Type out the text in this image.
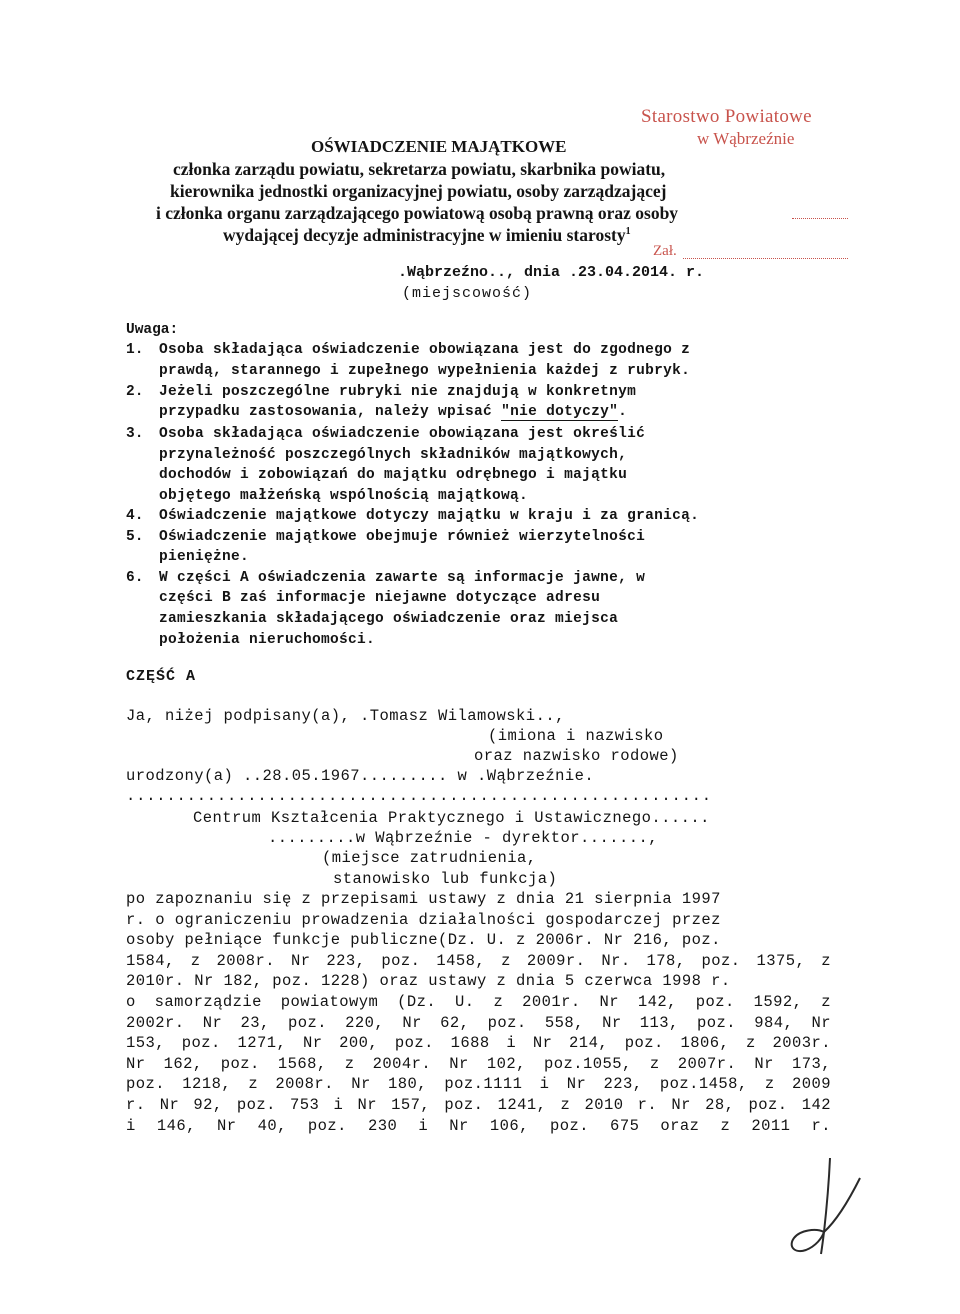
Starostwo Powiatowe
w Wąbrzeźnie
Zał.
OŚWIADCZENIE MAJĄTKOWE
członka zarządu powiatu, sekretarza powiatu, skarbnika powiatu,
kierownika jednostki organizacyjnej powiatu, osoby zarządzającej
i członka organu zarządzającego powiatową osobą prawną oraz osoby
wydającej decyzje administracyjne w imieniu starosty$^1$
.Wąbrzeźno.., dnia .23.04.2014. r.
(miejscowość)
Uwaga:
1. Osoba składająca oświadczenie obowiązana jest do zgodnego z
prawdą, starannego i zupełnego wypełnienia każdej z rubryk.
2. Jeżeli poszczególne rubryki nie znajdują w konkretnym
przypadku zastosowania, należy wpisać "nie dotyczy".
3. Osoba składająca oświadczenie obowiązana jest określić
przynależność poszczególnych składników majątkowych,
dochodów i zobowiązań do majątku odrębnego i majątku
objętego małżeńską wspólnością majątkową.
4. Oświadczenie majątkowe dotyczy majątku w kraju i za granicą.
5. Oświadczenie majątkowe obejmuje również wierzytelności
pieniężne.
6. W części A oświadczenia zawarte są informacje jawne, w
części B zaś informacje niejawne dotyczące adresu
zamieszkania składającego oświadczenie oraz miejsca
położenia nieruchomości.
CZĘŚĆ A
Ja, niżej podpisany(a), .Tomasz Wilamowski..,
(imiona i nazwisko
oraz nazwisko rodowe)
urodzony(a) ..28.05.1967......... w .Wąbrzeźnie.
..........................................................
Centrum Kształcenia Praktycznego i Ustawicznego......
.........w Wąbrzeźnie - dyrektor.......,
(miejsce zatrudnienia,
stanowisko lub funkcja)
po zapoznaniu się z przepisami ustawy z dnia 21 sierpnia 1997
r. o ograniczeniu prowadzenia działalności gospodarczej przez
osoby pełniące funkcje publiczne(Dz. U. z 2006r. Nr 216, poz.
1584, z 2008r. Nr 223, poz. 1458, z 2009r. Nr. 178, poz. 1375, z
2010r. Nr 182, poz. 1228) oraz ustawy z dnia 5 czerwca 1998 r.
o samorządzie powiatowym (Dz. U. z 2001r. Nr 142, poz. 1592, z
2002r. Nr 23, poz. 220, Nr 62, poz. 558, Nr 113, poz. 984, Nr
153, poz. 1271, Nr 200, poz. 1688 i Nr 214, poz. 1806, z 2003r.
Nr 162, poz. 1568, z 2004r. Nr 102, poz.1055, z 2007r. Nr 173,
poz. 1218, z 2008r. Nr 180, poz.1111 i Nr 223, poz.1458, z 2009
r. Nr 92, poz. 753 i Nr 157, poz. 1241, z 2010 r. Nr 28, poz. 142
i 146, Nr 40, poz. 230 i Nr 106, poz. 675 oraz z 2011 r.
